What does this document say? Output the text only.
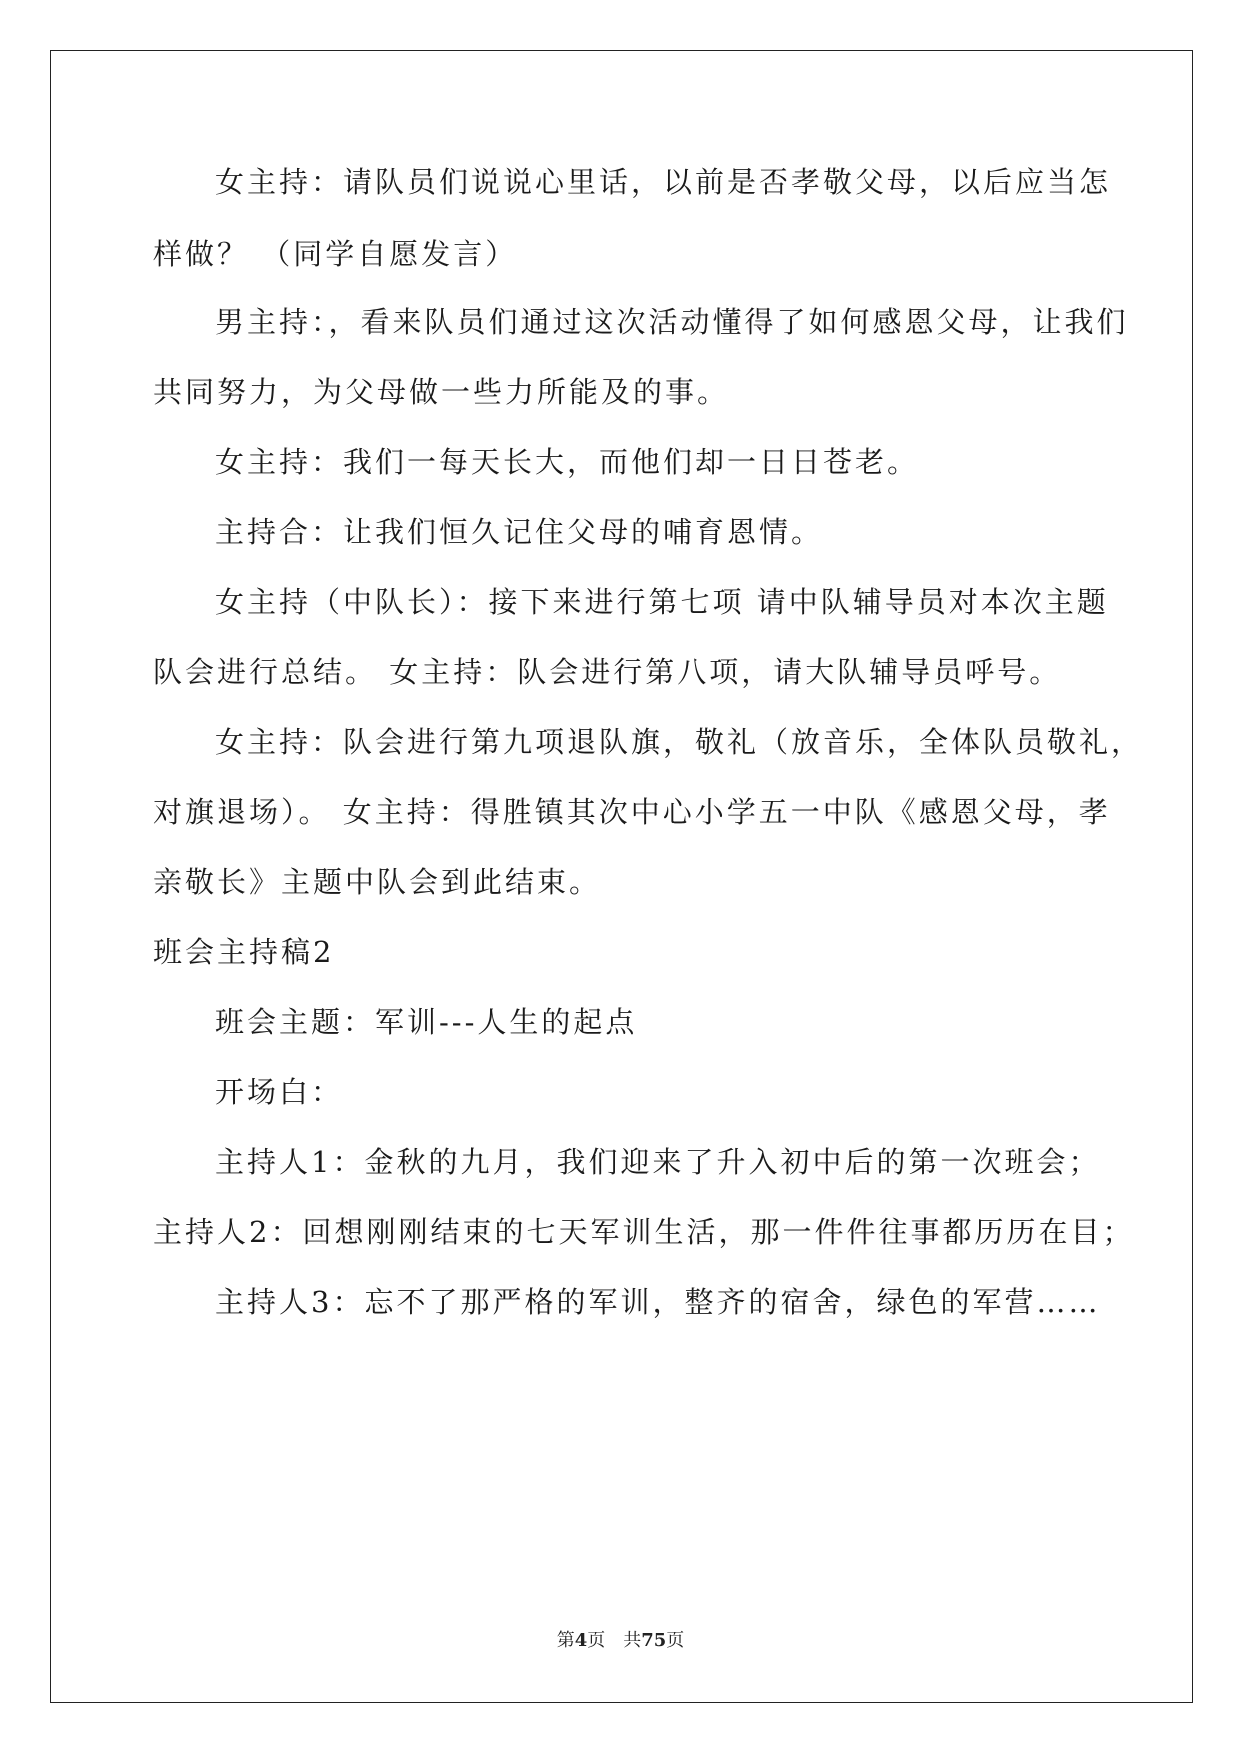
女主持：请队员们说说心里话，以前是否孝敬父母，以后应当怎
样做？ （同学自愿发言）
男主持：，看来队员们通过这次活动懂得了如何感恩父母，让我们
共同努力，为父母做一些力所能及的事。
女主持：我们一每天长大，而他们却一日日苍老。
主持合：让我们恒久记住父母的哺育恩情。
女主持（中队长）：接下来进行第七项 请中队辅导员对本次主题
队会进行总结。 女主持：队会进行第八项，请大队辅导员呼号。
女主持：队会进行第九项退队旗，敬礼（放音乐，全体队员敬礼，
对旗退场）。 女主持：得胜镇其次中心小学五一中队《感恩父母，孝
亲敬长》主题中队会到此结束。
班会主持稿2
班会主题：军训---人生的起点
开场白：
主持人1：金秋的九月，我们迎来了升入初中后的第一次班会；
主持人2：回想刚刚结束的七天军训生活，那一件件往事都历历在目；
主持人3：忘不了那严格的军训，整齐的宿舍，绿色的军营……
第4页　共75页
